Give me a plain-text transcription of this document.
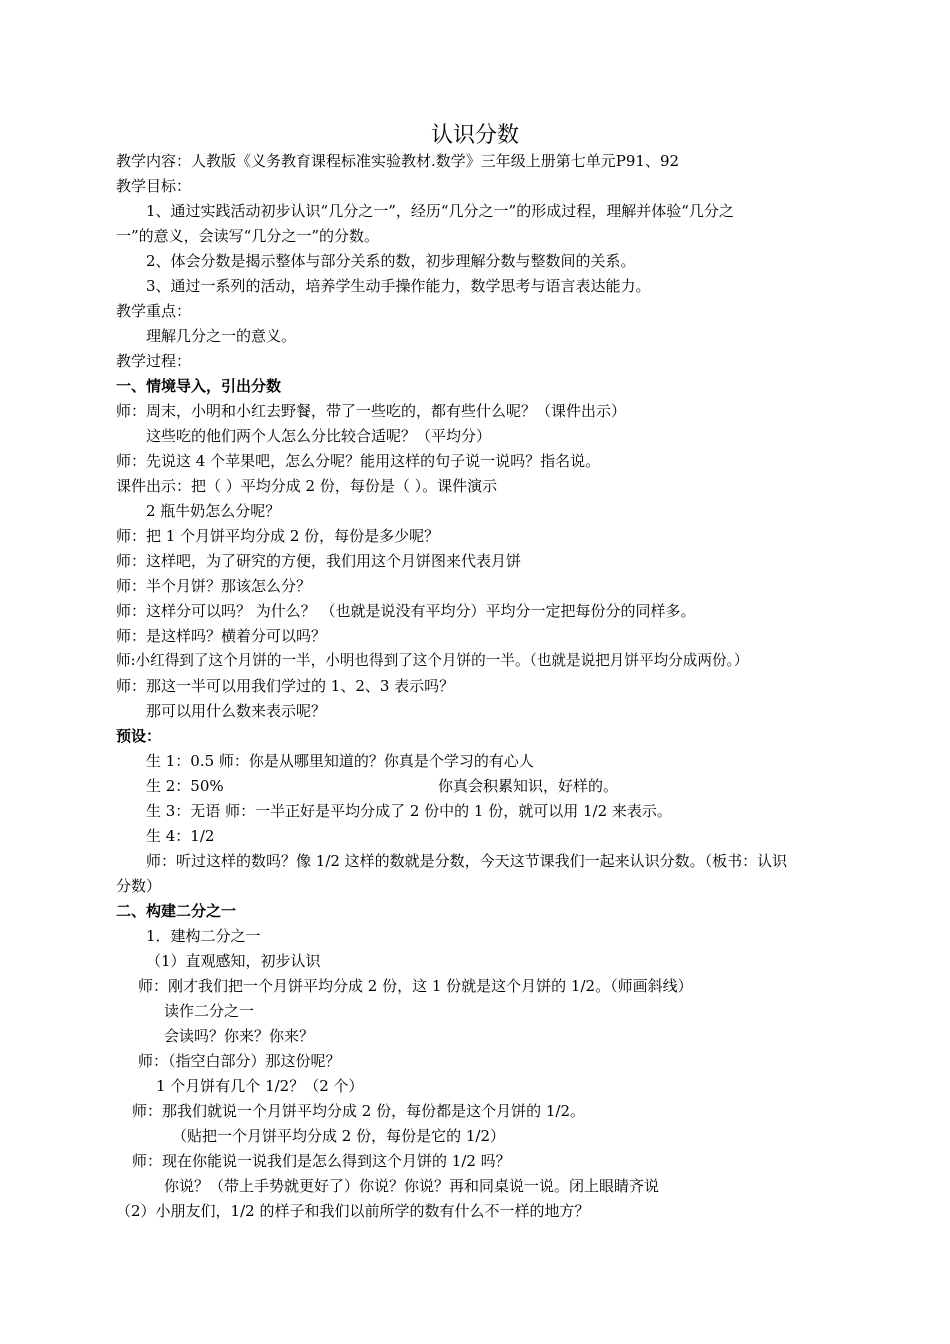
认识分数
教学内容：人教版《义务教育课程标准实验教材.数学》三年级上册第七单元P91、92
教学目标：
1、通过实践活动初步认识“几分之一”，经历“几分之一”的形成过程，理解并体验“几分之
一”的意义，会读写“几分之一”的分数。
2、体会分数是揭示整体与部分关系的数，初步理解分数与整数间的关系。
3、通过一系列的活动，培养学生动手操作能力，数学思考与语言表达能力。
教学重点：
理解几分之一的意义。
教学过程：
一、情境导入，引出分数
师：周末，小明和小红去野餐，带了一些吃的，都有些什么呢？（课件出示）
这些吃的他们两个人怎么分比较合适呢？（平均分）
师：先说这 4 个苹果吧，怎么分呢？能用这样的句子说一说吗？指名说。
课件出示：把（ ）平均分成 2 份，每份是（ ）。课件演示
2 瓶牛奶怎么分呢？
师：把 1 个月饼平均分成 2 份，每份是多少呢？
师：这样吧，为了研究的方便，我们用这个月饼图来代表月饼
师：半个月饼？那该怎么分？
师：这样分可以吗？ 为什么？ （也就是说没有平均分）平均分一定把每份分的同样多。
师：是这样吗？横着分可以吗？
师:小红得到了这个月饼的一半，小明也得到了这个月饼的一半。（也就是说把月饼平均分成两份。）
师：那这一半可以用我们学过的 1、2、3 表示吗？
那可以用什么数来表示呢？
预设：
生 1：0.5 师：你是从哪里知道的？你真是个学习的有心人
生 2：50%	你真会积累知识，好样的。
生 3：无语 师：一半正好是平均分成了 2 份中的 1 份，就可以用 1/2 来表示。
生 4：1/2
师：听过这样的数吗？像 1/2 这样的数就是分数，今天这节课我们一起来认识分数。（板书：认识
分数）
二、构建二分之一
1．建构二分之一
（1）直观感知，初步认识
师：刚才我们把一个月饼平均分成 2 份，这 1 份就是这个月饼的 1/2。（师画斜线）
读作二分之一
会读吗？你来？你来？
师：（指空白部分）那这份呢？
1 个月饼有几个 1/2？（2 个）
师：那我们就说一个月饼平均分成 2 份，每份都是这个月饼的 1/2。
（贴把一个月饼平均分成 2 份，每份是它的 1/2）
师：现在你能说一说我们是怎么得到这个月饼的 1/2 吗？
你说？（带上手势就更好了）你说？你说？再和同桌说一说。闭上眼睛齐说
（2）小朋友们，1/2 的样子和我们以前所学的数有什么不一样的地方？
